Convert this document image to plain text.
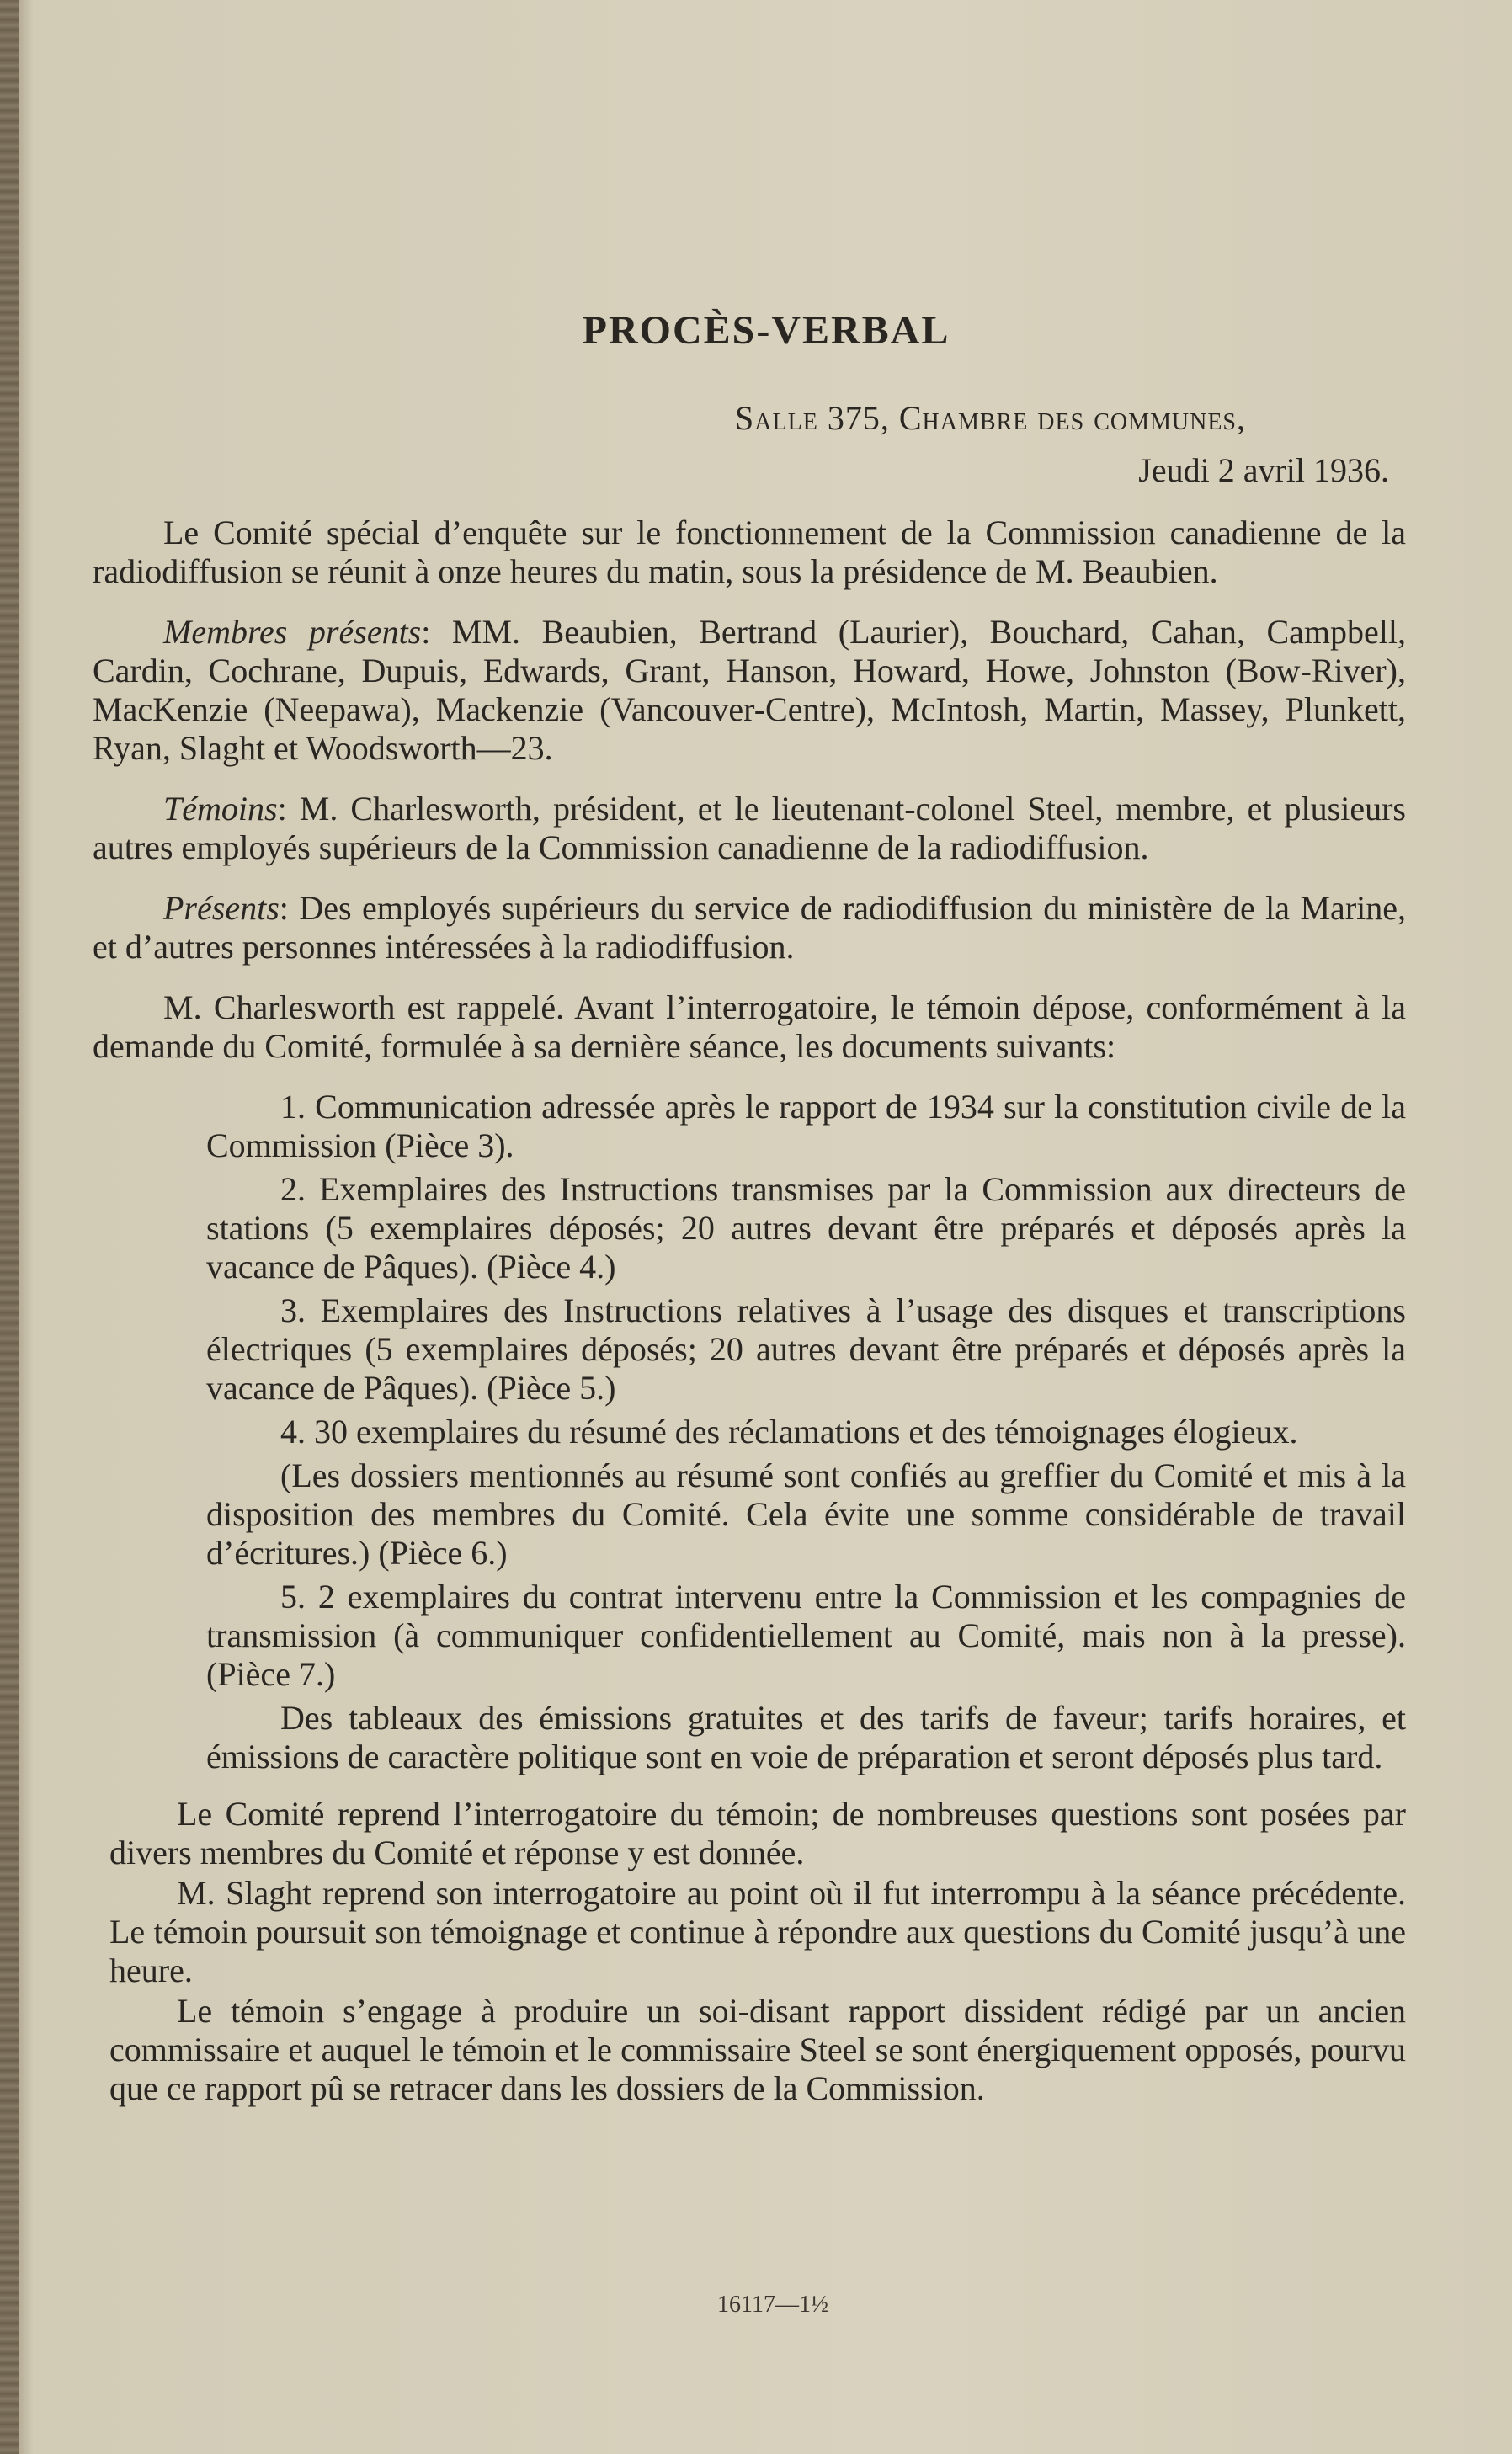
PROCÈS-VERBAL
Salle 375, Chambre des communes,
Jeudi 2 avril 1936.

Le Comité spécial d’enquête sur le fonctionnement de la Commission canadienne de la radiodiffusion se réunit à onze heures du matin, sous la présidence de M. Beaubien.

Membres présents: MM. Beaubien, Bertrand (Laurier), Bouchard, Cahan, Campbell, Cardin, Cochrane, Dupuis, Edwards, Grant, Hanson, Howard, Howe, Johnston (Bow-River), MacKenzie (Neepawa), Mackenzie (Vancouver-Centre), McIntosh, Martin, Massey, Plunkett, Ryan, Slaght et Woodsworth—23.

Témoins: M. Charlesworth, président, et le lieutenant-colonel Steel, membre, et plusieurs autres employés supérieurs de la Commission canadienne de la radiodiffusion.

Présents: Des employés supérieurs du service de radiodiffusion du ministère de la Marine, et d’autres personnes intéressées à la radiodiffusion.

M. Charlesworth est rappelé. Avant l’interrogatoire, le témoin dépose, conformément à la demande du Comité, formulée à sa dernière séance, les documents suivants:

1. Communication adressée après le rapport de 1934 sur la constitution civile de la Commission (Pièce 3).

2. Exemplaires des Instructions transmises par la Commission aux directeurs de stations (5 exemplaires déposés; 20 autres devant être préparés et déposés après la vacance de Pâques). (Pièce 4.)

3. Exemplaires des Instructions relatives à l’usage des disques et transcriptions électriques (5 exemplaires déposés; 20 autres devant être préparés et déposés après la vacance de Pâques). (Pièce 5.)

4. 30 exemplaires du résumé des réclamations et des témoignages élogieux.

(Les dossiers mentionnés au résumé sont confiés au greffier du Comité et mis à la disposition des membres du Comité. Cela évite une somme considérable de travail d’écritures.) (Pièce 6.)

5. 2 exemplaires du contrat intervenu entre la Commission et les compagnies de transmission (à communiquer confidentiellement au Comité, mais non à la presse). (Pièce 7.)

Des tableaux des émissions gratuites et des tarifs de faveur; tarifs horaires, et émissions de caractère politique sont en voie de préparation et seront déposés plus tard.

Le Comité reprend l’interrogatoire du témoin; de nombreuses questions sont posées par divers membres du Comité et réponse y est donnée.

M. Slaght reprend son interrogatoire au point où il fut interrompu à la séance précédente. Le témoin poursuit son témoignage et continue à répondre aux questions du Comité jusqu’à une heure.

Le témoin s’engage à produire un soi-disant rapport dissident rédigé par un ancien commissaire et auquel le témoin et le commissaire Steel se sont énergiquement opposés, pourvu que ce rapport pû se retracer dans les dossiers de la Commission.

16117—1½
